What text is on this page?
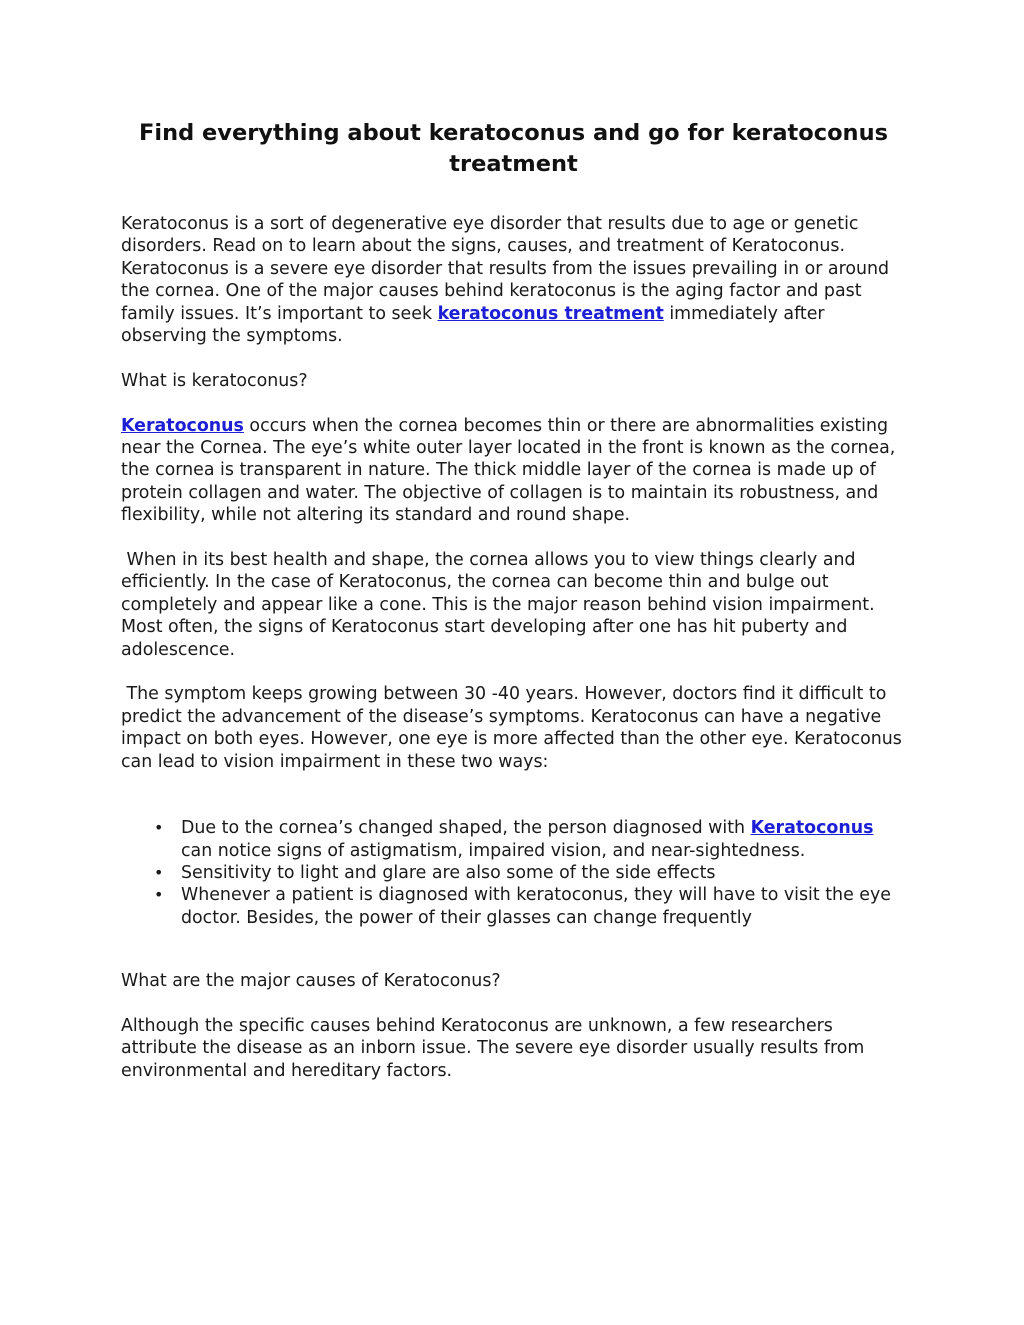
Find everything about keratoconus and go for keratoconus treatment

Keratoconus is a sort of degenerative eye disorder that results due to age or genetic disorders. Read on to learn about the signs, causes, and treatment of Keratoconus. Keratoconus is a severe eye disorder that results from the issues prevailing in or around the cornea. One of the major causes behind keratoconus is the aging factor and past family issues. It’s important to seek keratoconus treatment immediately after observing the symptoms.

What is keratoconus?

Keratoconus occurs when the cornea becomes thin or there are abnormalities existing near the Cornea. The eye’s white outer layer located in the front is known as the cornea, the cornea is transparent in nature. The thick middle layer of the cornea is made up of protein collagen and water. The objective of collagen is to maintain its robustness, and flexibility, while not altering its standard and round shape.

When in its best health and shape, the cornea allows you to view things clearly and efficiently. In the case of Keratoconus, the cornea can become thin and bulge out completely and appear like a cone. This is the major reason behind vision impairment. Most often, the signs of Keratoconus start developing after one has hit puberty and adolescence.

The symptom keeps growing between 30 -40 years. However, doctors find it difficult to predict the advancement of the disease’s symptoms. Keratoconus can have a negative impact on both eyes. However, one eye is more affected than the other eye. Keratoconus can lead to vision impairment in these two ways:

• Due to the cornea’s changed shaped, the person diagnosed with Keratoconus can notice signs of astigmatism, impaired vision, and near-sightedness.
• Sensitivity to light and glare are also some of the side effects
• Whenever a patient is diagnosed with keratoconus, they will have to visit the eye doctor. Besides, the power of their glasses can change frequently

What are the major causes of Keratoconus?

Although the specific causes behind Keratoconus are unknown, a few researchers attribute the disease as an inborn issue. The severe eye disorder usually results from environmental and hereditary factors.
